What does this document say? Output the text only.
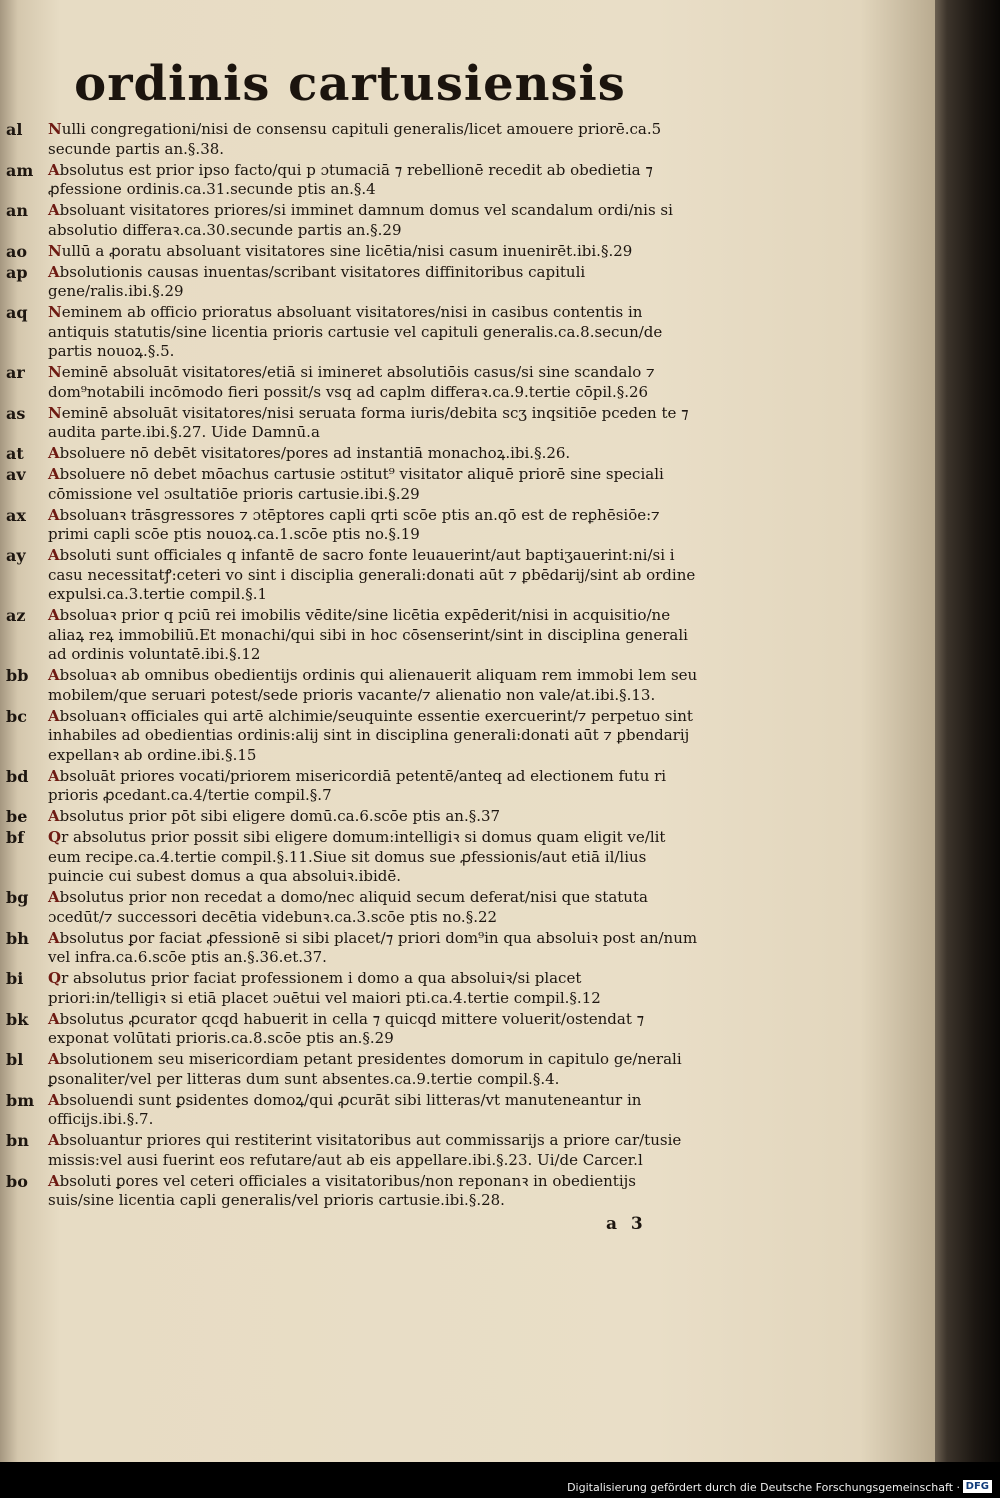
ordinis cartusiensis
al Nulli congregationi/nisi de consensu capituli generalis/licet amouere priorē.ca.5 secunde partis an.§.38.
am Absolutus est prior ipso facto/qui p ɔtumaciā ⁊ rebellionē recedit ab obedietia ⁊ ꝓfessione ordinis.ca.31.secunde ptis an.§.4
an Absoluant visitatores priores/si imminet damnum domus vel scandalum ordi/nis si absolutio differaꝛ.ca.30.secunde partis an.§.29
ao Nullū a ꝓoratu absoluant visitatores sine licētia/nisi casum inuenirēt.ibi.§.29
ap Absolutionis causas inuentas/scribant visitatores diffinitoribus capituli gene/ralis.ibi.§.29
aq Neminem ab officio prioratus absoluant visitatores/nisi in casibus contentis in antiquis statutis/sine licentia prioris cartusie vel capituli generalis.ca.8.secun/de partis nouoꝝ.§.5.
ar Neminē absoluāt visitatores/etiā si imineret absolutiōis casus/si sine scandalo ⁊ dom⁹notabili incōmodo fieri possit/s vsq ad caplm differaꝛ.ca.9.tertie cōpil.§.26
as Neminē absoluāt visitatores/nisi seruata forma iuris/debita scʒ inqsitiōe pceden te ⁊ audita parte.ibi.§.27. Uide Damnū.a
at Absoluere nō debēt visitatores/pores ad instantiā monachoꝝ.ibi.§.26.
av Absoluere nō debet mōachus cartusie ɔstitut⁹ visitator aliquē priorē sine speciali cōmissione vel ɔsultatiōe prioris cartusie.ibi.§.29
ax Absoluanꝛ trāsgressores ⁊ ɔtēptores capli qrti scōe ptis an.qō est de reꝑhēsiōe:⁊ primi capli scōe ptis nouoꝝ.ca.1.scōe ptis no.§.19
ay Absoluti sunt officiales q infantē de sacro fonte leuauerint/aut baptiʒauerint:ni/si i casu necessitatꝭ:ceteri vo sint i disciplia generali:donati aūt ⁊ ꝑbēdarij/sint ab ordine expulsi.ca.3.tertie compil.§.1
az Absoluaꝛ prior q pciū rei imobilis vēdite/sine licētia expēderit/nisi in acquisitio/ne aliaꝝ reꝝ immobiliū.Et monachi/qui sibi in hoc cōsenserint/sint in disciplina generali ad ordinis voluntatē.ibi.§.12
bb Absoluaꝛ ab omnibus obedientijs ordinis qui alienauerit aliquam rem immobi lem seu mobilem/que seruari potest/sede prioris vacante/⁊ alienatio non vale/at.ibi.§.13.
bc Absoluanꝛ officiales qui artē alchimie/seuquinte essentie exercuerint/⁊ perpetuo sint inhabiles ad obedientias ordinis:alij sint in disciplina generali:donati aūt ⁊ ꝑbendarij expellanꝛ ab ordine.ibi.§.15
bd Absoluāt priores vocati/priorem misericordiā petentē/anteq ad electionem futu ri prioris ꝓcedant.ca.4/tertie compil.§.7
be Absolutus prior pōt sibi eligere domū.ca.6.scōe ptis an.§.37
bf Qr absolutus prior possit sibi eligere domum:intelligiꝛ si domus quam eligit ve/lit eum recipe.ca.4.tertie compil.§.11.Siue sit domus sue ꝓfessionis/aut etiā il/lius puincie cui subest domus a qua absoluiꝛ.ibidē.
bg Absolutus prior non recedat a domo/nec aliquid secum deferat/nisi que statuta ɔcedūt/⁊ successori decētia videbunꝛ.ca.3.scōe ptis no.§.22
bh Absolutus ꝑor faciat ꝓfessionē si sibi placet/⁊ priori dom⁹in qua absoluiꝛ post an/num vel infra.ca.6.scōe ptis an.§.36.et.37.
bi Qr absolutus prior faciat professionem i domo a qua absoluiꝛ/si placet priori:in/telligiꝛ si etiā placet ɔuētui vel maiori pti.ca.4.tertie compil.§.12
bk Absolutus ꝓcurator qcqd habuerit in cella ⁊ quicqd mittere voluerit/ostendat ⁊ exponat volūtati prioris.ca.8.scōe ptis an.§.29
bl Absolutionem seu misericordiam petant presidentes domorum in capitulo ge/nerali ꝑsonaliter/vel per litteras dum sunt absentes.ca.9.tertie compil.§.4.
bm Absoluendi sunt ꝑsidentes domoꝝ/qui ꝓcurāt sibi litteras/vt manuteneantur in officijs.ibi.§.7.
bn Absoluantur priores qui restiterint visitatoribus aut commissarijs a priore car/tusie missis:vel ausi fuerint eos refutare/aut ab eis appellare.ibi.§.23. Ui/de Carcer.l
bo Absoluti ꝑores vel ceteri officiales a visitatoribus/non reponanꝛ in obedientijs suis/sine licentia capli generalis/vel prioris cartusie.ibi.§.28.
a 3
Digitalisierung gefördert durch die Deutsche Forschungsgemeinschaft · DFG
